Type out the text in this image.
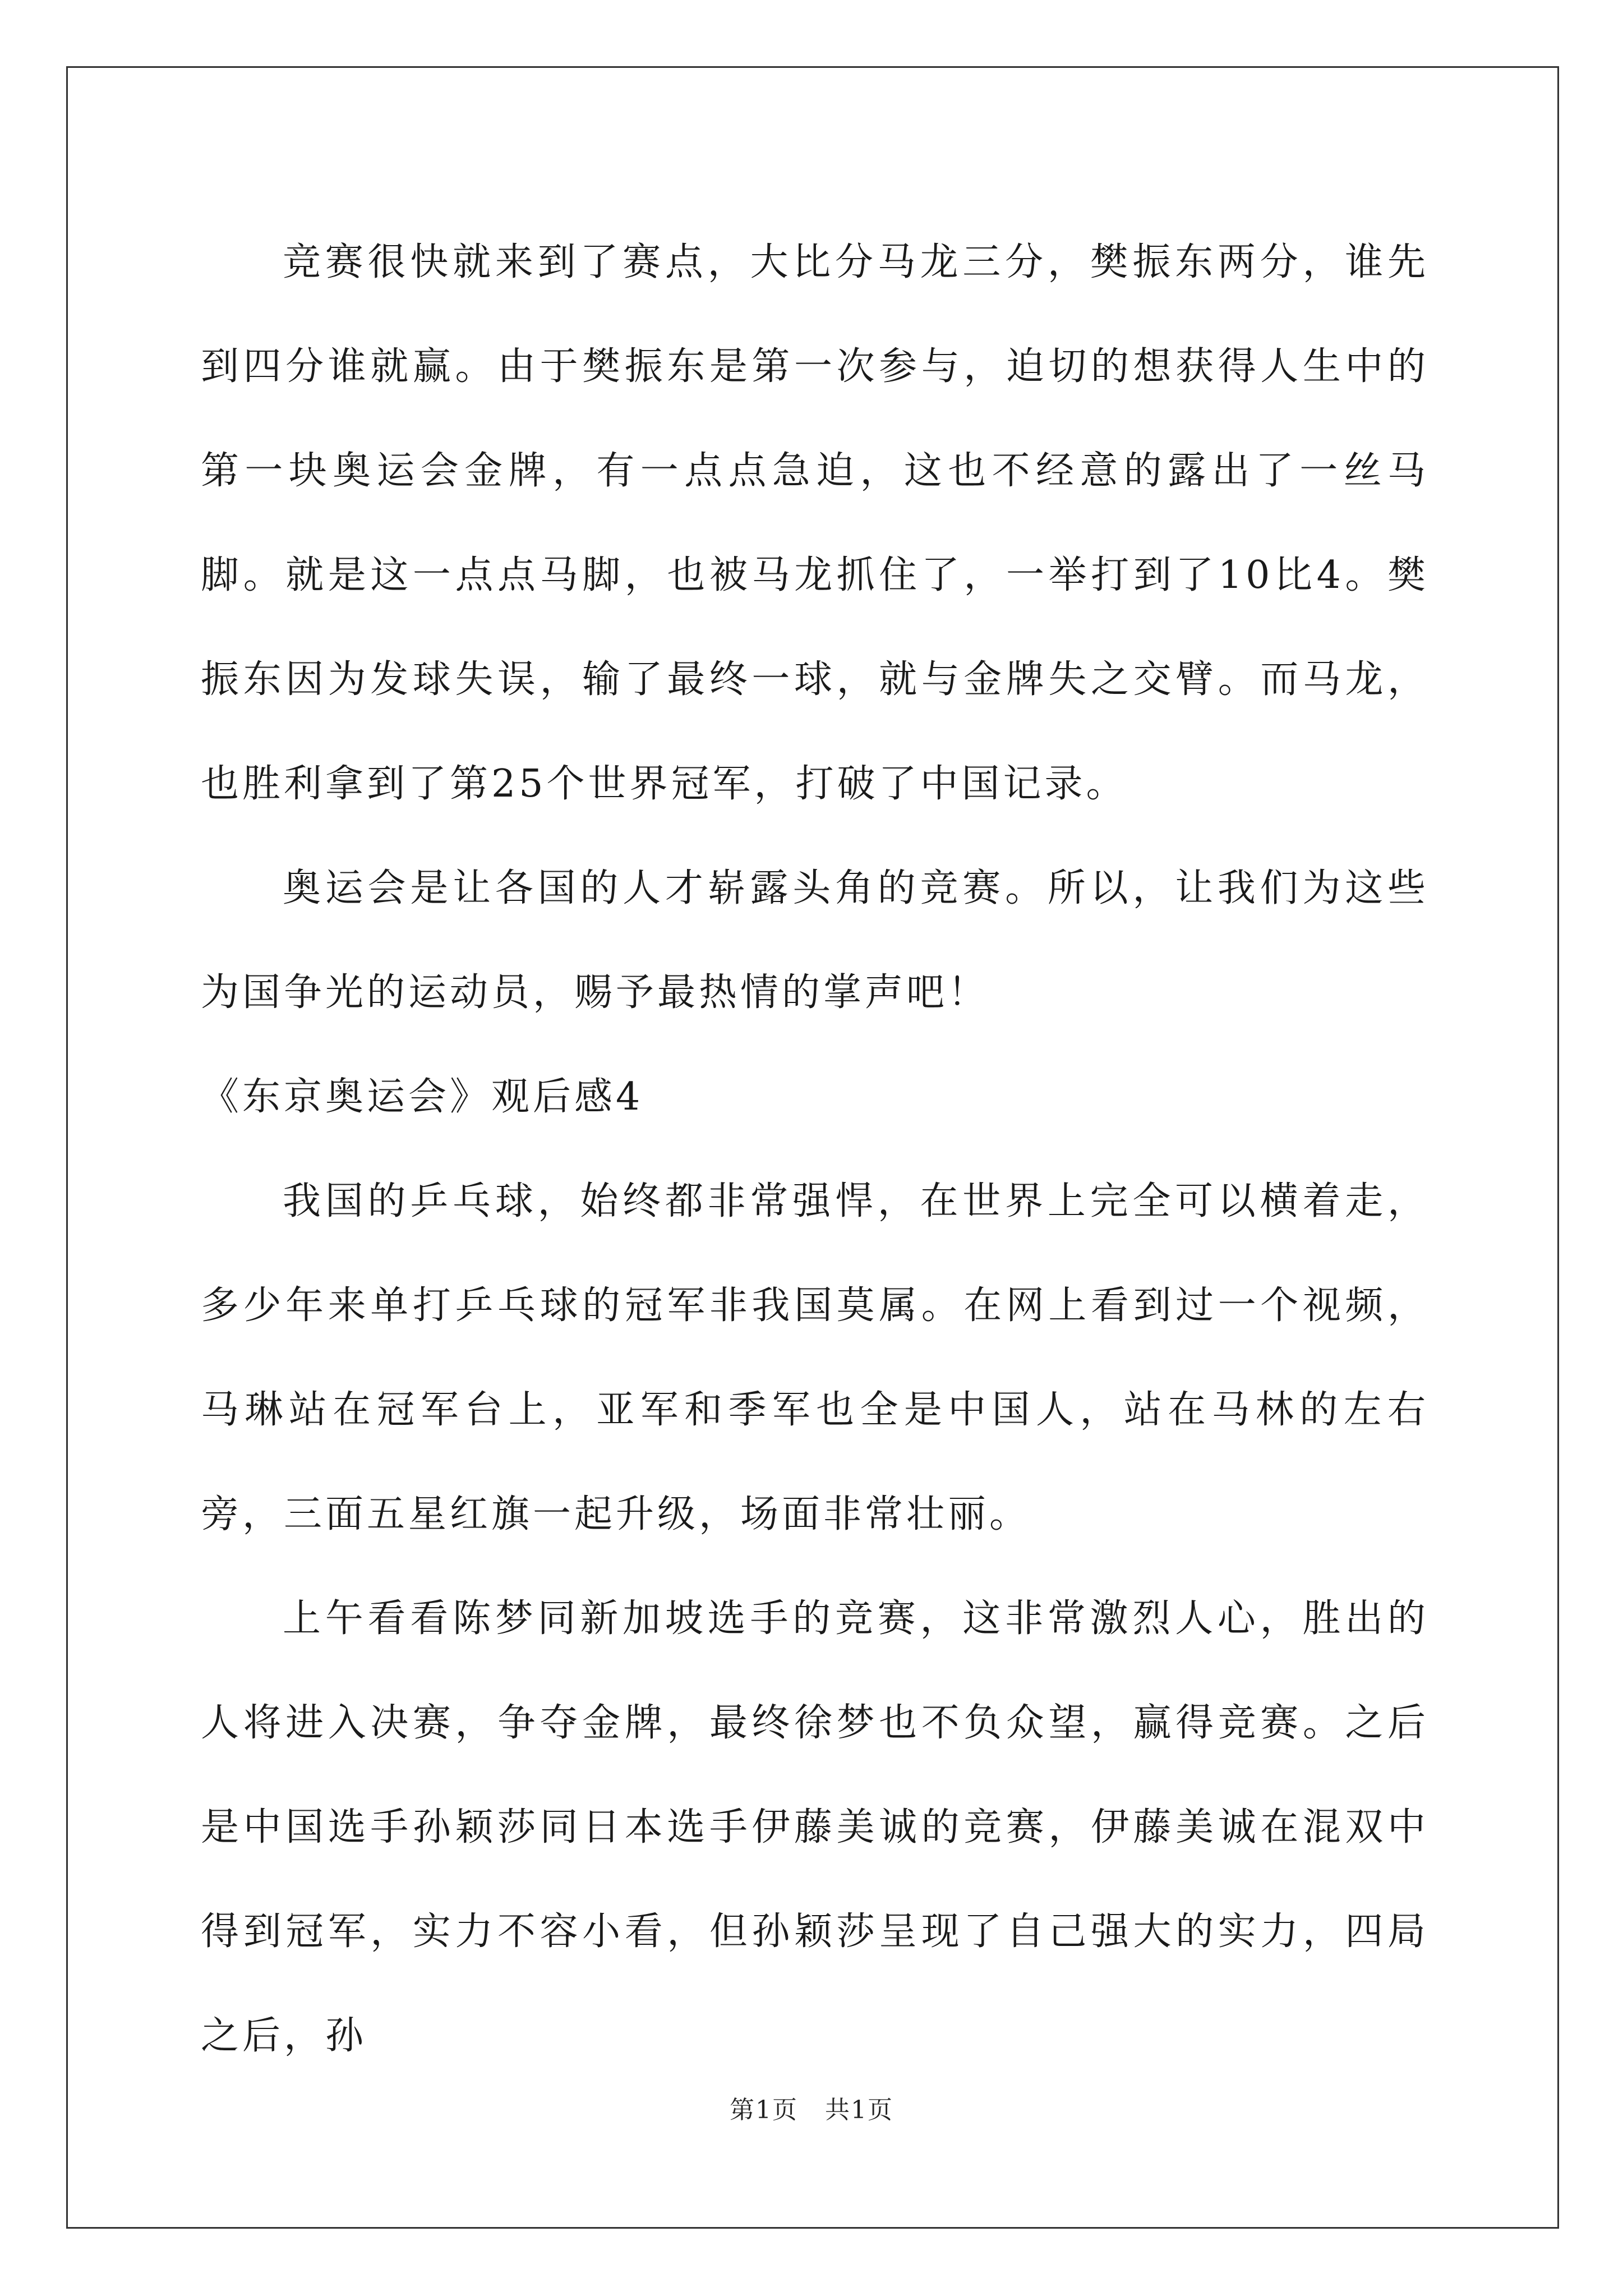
竞赛很快就来到了赛点，大比分马龙三分，樊振东两分，谁先到四分谁就赢。由于樊振东是第一次参与，迫切的想获得人生中的第一块奥运会金牌，有一点点急迫，这也不经意的露出了一丝马脚。就是这一点点马脚，也被马龙抓住了，一举打到了10比4。樊振东因为发球失误，输了最终一球，就与金牌失之交臂。而马龙，也胜利拿到了第25个世界冠军，打破了中国记录。

奥运会是让各国的人才崭露头角的竞赛。所以，让我们为这些为国争光的运动员，赐予最热情的掌声吧！

《东京奥运会》观后感4

我国的乒乓球，始终都非常强悍，在世界上完全可以横着走，多少年来单打乒乓球的冠军非我国莫属。在网上看到过一个视频，马琳站在冠军台上，亚军和季军也全是中国人，站在马林的左右旁，三面五星红旗一起升级，场面非常壮丽。

上午看看陈梦同新加坡选手的竞赛，这非常激烈人心，胜出的人将进入决赛，争夺金牌，最终徐梦也不负众望，赢得竞赛。之后是中国选手孙颖莎同日本选手伊藤美诚的竞赛，伊藤美诚在混双中得到冠军，实力不容小看，但孙颖莎呈现了自己强大的实力，四局之后，孙

第1页 共1页
